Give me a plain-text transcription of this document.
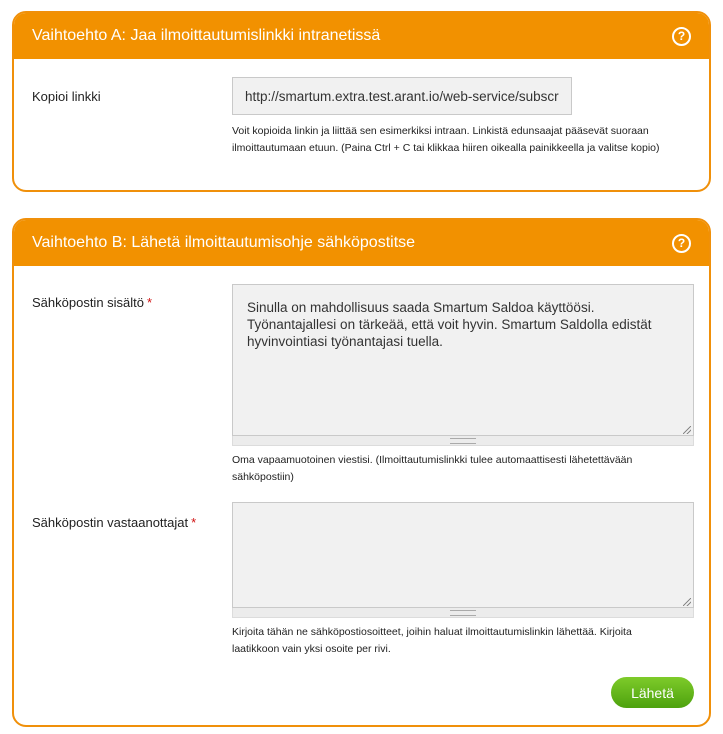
Vaihtoehto A: Jaa ilmoittautumislinkki intranetissä	?
Kopioi linkki
http://smartum.extra.test.arant.io/web-service/subscribe
Voit kopioida linkin ja liittää sen esimerkiksi intraan. Linkistä edunsaajat pääsevät suoraan
ilmoittautumaan etuun. (Paina Ctrl + C tai klikkaa hiiren oikealla painikkeella ja valitse kopio)
Vaihtoehto B: Lähetä ilmoittautumisohje sähköpostitse	?
Sähköpostin sisältö *
Sinulla on mahdollisuus saada Smartum Saldoa käyttöösi. Työnantajallesi on tärkeää, että voit hyvin. Smartum Saldolla edistät hyvinvointiasi työnantajasi tuella.
Oma vapaamuotoinen viestisi. (Ilmoittautumislinkki tulee automaattisesti lähetettävään
sähköpostiin)
Sähköpostin vastaanottajat *
Kirjoita tähän ne sähköpostiosoitteet, joihin haluat ilmoittautumislinkin lähettää. Kirjoita
laatikkoon vain yksi osoite per rivi.
Lähetä
